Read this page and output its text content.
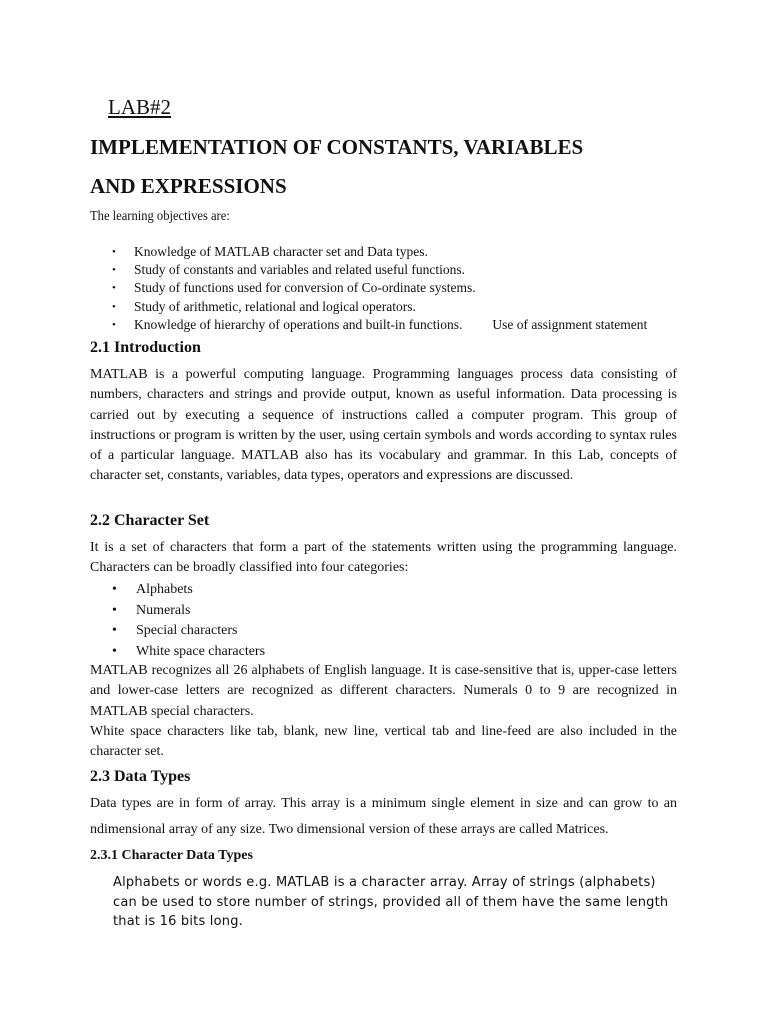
LAB#2
IMPLEMENTATION OF CONSTANTS, VARIABLES
AND EXPRESSIONS

The learning objectives are:

• Knowledge of MATLAB character set and Data types.
• Study of constants and variables and related useful functions.
• Study of functions used for conversion of Co-ordinate systems.
• Study of arithmetic, relational and logical operators.
• Knowledge of hierarchy of operations and built-in functions. Use of assignment statement
2.1 Introduction

MATLAB is a powerful computing language. Programming languages process data consisting of numbers, characters and strings and provide output, known as useful information. Data processing is carried out by executing a sequence of instructions called a computer program. This group of instructions or program is written by the user, using certain symbols and words according to syntax rules of a particular language. MATLAB also has its vocabulary and grammar. In this Lab, concepts of character set, constants, variables, data types, operators and expressions are discussed.

2.2 Character Set

It is a set of characters that form a part of the statements written using the programming language. Characters can be broadly classified into four categories:

• Alphabets
• Numerals
• Special characters
• White space characters

MATLAB recognizes all 26 alphabets of English language. It is case-sensitive that is, upper-case letters and lower-case letters are recognized as different characters. Numerals 0 to 9 are recognized in MATLAB special characters.

White space characters like tab, blank, new line, vertical tab and line-feed are also included in the character set.

2.3 Data Types

Data types are in form of array. This array is a minimum single element in size and can grow to an ndimensional array of any size. Two dimensional version of these arrays are called Matrices.

2.3.1 Character Data Types

Alphabets or words e.g. MATLAB is a character array. Array of strings (alphabets) can be used to store number of strings, provided all of them have the same length that is 16 bits long.
